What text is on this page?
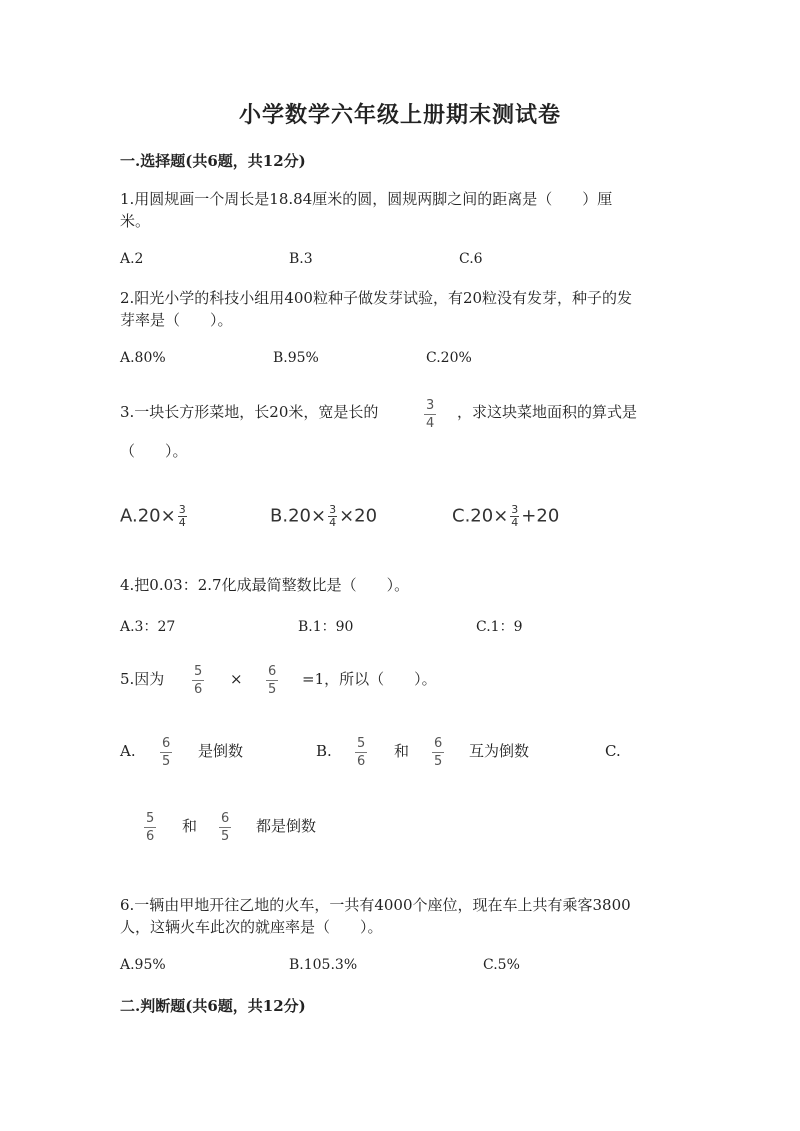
小学数学六年级上册期末测试卷
一.选择题(共6题，共12分)
1.用圆规画一个周长是18.84厘米的圆，圆规两脚之间的距离是（　　）厘
米。
A.2	B.3	C.6
2.阳光小学的科技小组用400粒种子做发芽试验，有20粒没有发芽，种子的发
芽率是（　　）。
A.80%	B.95%	C.20%
3.一块长方形菜地，长20米，宽是长的	$\frac{3}{4}$ ，求这块菜地面积的算式是
（　　）。
$A.20\times \frac{3}{4}$	$B.20\times \frac{3}{4} \times 20$	$C.20\times \frac{3}{4} +20$
4.把0.03：2.7化成最简整数比是（　　）。
A.3：27	B.1：90	C.1：9
5.因为 $\frac{5}{6} \times \frac{6}{5} =1$，所以（　　）。
A. $\frac{6}{5}$ 是倒数	B. $\frac{5}{6}$ 和 $\frac{6}{5}$ 互为倒数	C.
$\frac{5}{6}$ 和 $\frac{6}{5}$ 都是倒数
6.一辆由甲地开往乙地的火车，一共有4000个座位，现在车上共有乘客3800
人，这辆火车此次的就座率是（　　）。
A.95%	B.105.3%	C.5%
二.判断题(共6题，共12分)
